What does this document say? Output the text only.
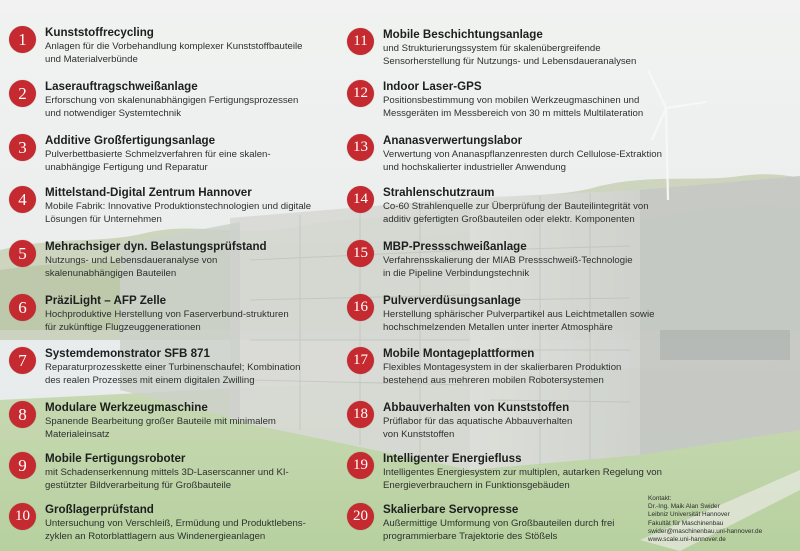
1	Kunststoffrecycling
Anlagen für die Vorbehandlung komplexer Kunststoffbauteile
und Materialverbünde
2	Laserauftragschweißanlage
Erforschung von skalenunabhängigen Fertigungsprozessen
und notwendiger Systemtechnik
3	Additive Großfertigungsanlage
Pulverbettbasierte Schmelzverfahren für eine skalen-
unabhängige Fertigung und Reparatur
4	Mittelstand-Digital Zentrum Hannover
Mobile Fabrik: Innovative Produktionstechnologien und digitale
Lösungen für Unternehmen
5	Mehrachsiger dyn. Belastungsprüfstand
Nutzungs- und Lebensdaueranalyse von
skalenunabhängigen Bauteilen
6	PräziLight – AFP Zelle
Hochproduktive Herstellung von Faserverbund-strukturen
für zukünftige Flugzeuggenerationen
7	Systemdemonstrator SFB 871
Reparaturprozesskette einer Turbinenschaufel; Kombination
des realen Prozesses mit einem digitalen Zwilling
8	Modulare Werkzeugmaschine
Spanende Bearbeitung großer Bauteile mit minimalem
Materialeinsatz
9	Mobile Fertigungsroboter
mit Schadenserkennung mittels 3D-Laserscanner und KI-
gestützter Bildverarbeitung für Großbauteile
10	Großlagerprüfstand
Untersuchung von Verschleiß, Ermüdung und Produktlebens-
zyklen an Rotorblattlagern aus Windenergieanlagen
11	Mobile Beschichtungsanlage
und Strukturierungssystem für skalenübergreifende
Sensorherstellung für Nutzungs- und Lebensdaueranalysen
12	Indoor Laser-GPS
Positionsbestimmung von mobilen Werkzeugmaschinen und
Messgeräten im Messbereich von 30 m mittels Multilateration
13	Ananasverwertungslabor
Verwertung von Ananaspflanzenresten durch Cellulose-Extraktion
und hochskalierter industrieller Anwendung
14	Strahlenschutzraum
Co-60 Strahlenquelle zur Überprüfung der Bauteilintegrität von
additiv gefertigten Großbauteilen oder elektr. Komponenten
15	MBP-Pressschweißanlage
Verfahrensskalierung der MIAB Pressschweiß-Technologie
in die Pipeline Verbindungstechnik
16	Pulververdüsungsanlage
Herstellung sphärischer Pulverpartikel aus Leichtmetallen sowie
hochschmelzenden Metallen unter inerter Atmosphäre
17	Mobile Montageplattformen
Flexibles Montagesystem in der skalierbaren Produktion
bestehend aus mehreren mobilen Robotersystemen
18	Abbauverhalten von Kunststoffen
Prüflabor für das aquatische Abbauverhalten
von Kunststoffen
19	Intelligenter Energiefluss
Intelligentes Energiesystem zur multiplen, autarken Regelung von
Energieverbrauchern in Funktionsgebäuden
20	Skalierbare Servopresse
Außermittige Umformung von Großbauteilen durch frei
programmierbare Trajektorie des Stößels
Kontakt:
Dr.-Ing. Maik Alan Swider
Leibniz Universität Hannover
Fakultät für Maschinenbau
swider@maschinenbau.uni-hannover.de
www.scale.uni-hannover.de
